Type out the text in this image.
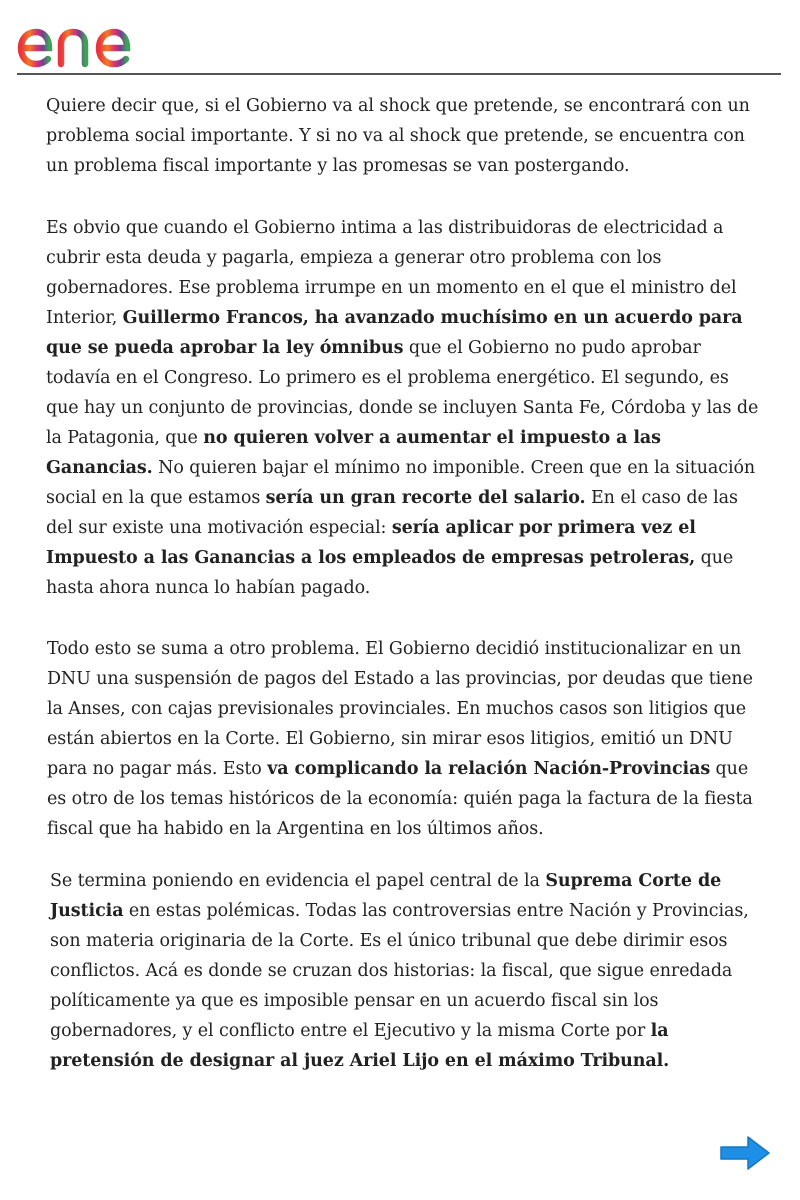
Quiere decir que, si el Gobierno va al shock que pretende, se encontrará con un problema social importante. Y si no va al shock que pretende, se encuentra con un problema fiscal importante y las promesas se van postergando.

Es obvio que cuando el Gobierno intima a las distribuidoras de electricidad a cubrir esta deuda y pagarla, empieza a generar otro problema con los gobernadores. Ese problema irrumpe en un momento en el que el ministro del Interior, Guillermo Francos, ha avanzado muchísimo en un acuerdo para que se pueda aprobar la ley ómnibus que el Gobierno no pudo aprobar todavía en el Congreso. Lo primero es el problema energético. El segundo, es que hay un conjunto de provincias, donde se incluyen Santa Fe, Córdoba y las de la Patagonia, que no quieren volver a aumentar el impuesto a las Ganancias. No quieren bajar el mínimo no imponible. Creen que en la situación social en la que estamos sería un gran recorte del salario. En el caso de las del sur existe una motivación especial: sería aplicar por primera vez el Impuesto a las Ganancias a los empleados de empresas petroleras, que hasta ahora nunca lo habían pagado.

Todo esto se suma a otro problema. El Gobierno decidió institucionalizar en un DNU una suspensión de pagos del Estado a las provincias, por deudas que tiene la Anses, con cajas previsionales provinciales. En muchos casos son litigios que están abiertos en la Corte. El Gobierno, sin mirar esos litigios, emitió un DNU para no pagar más. Esto va complicando la relación Nación-Provincias que es otro de los temas históricos de la economía: quién paga la factura de la fiesta fiscal que ha habido en la Argentina en los últimos años.

Se termina poniendo en evidencia el papel central de la Suprema Corte de Justicia en estas polémicas. Todas las controversias entre Nación y Provincias, son materia originaria de la Corte. Es el único tribunal que debe dirimir esos conflictos. Acá es donde se cruzan dos historias: la fiscal, que sigue enredada políticamente ya que es imposible pensar en un acuerdo fiscal sin los gobernadores, y el conflicto entre el Ejecutivo y la misma Corte por la pretensión de designar al juez Ariel Lijo en el máximo Tribunal.
